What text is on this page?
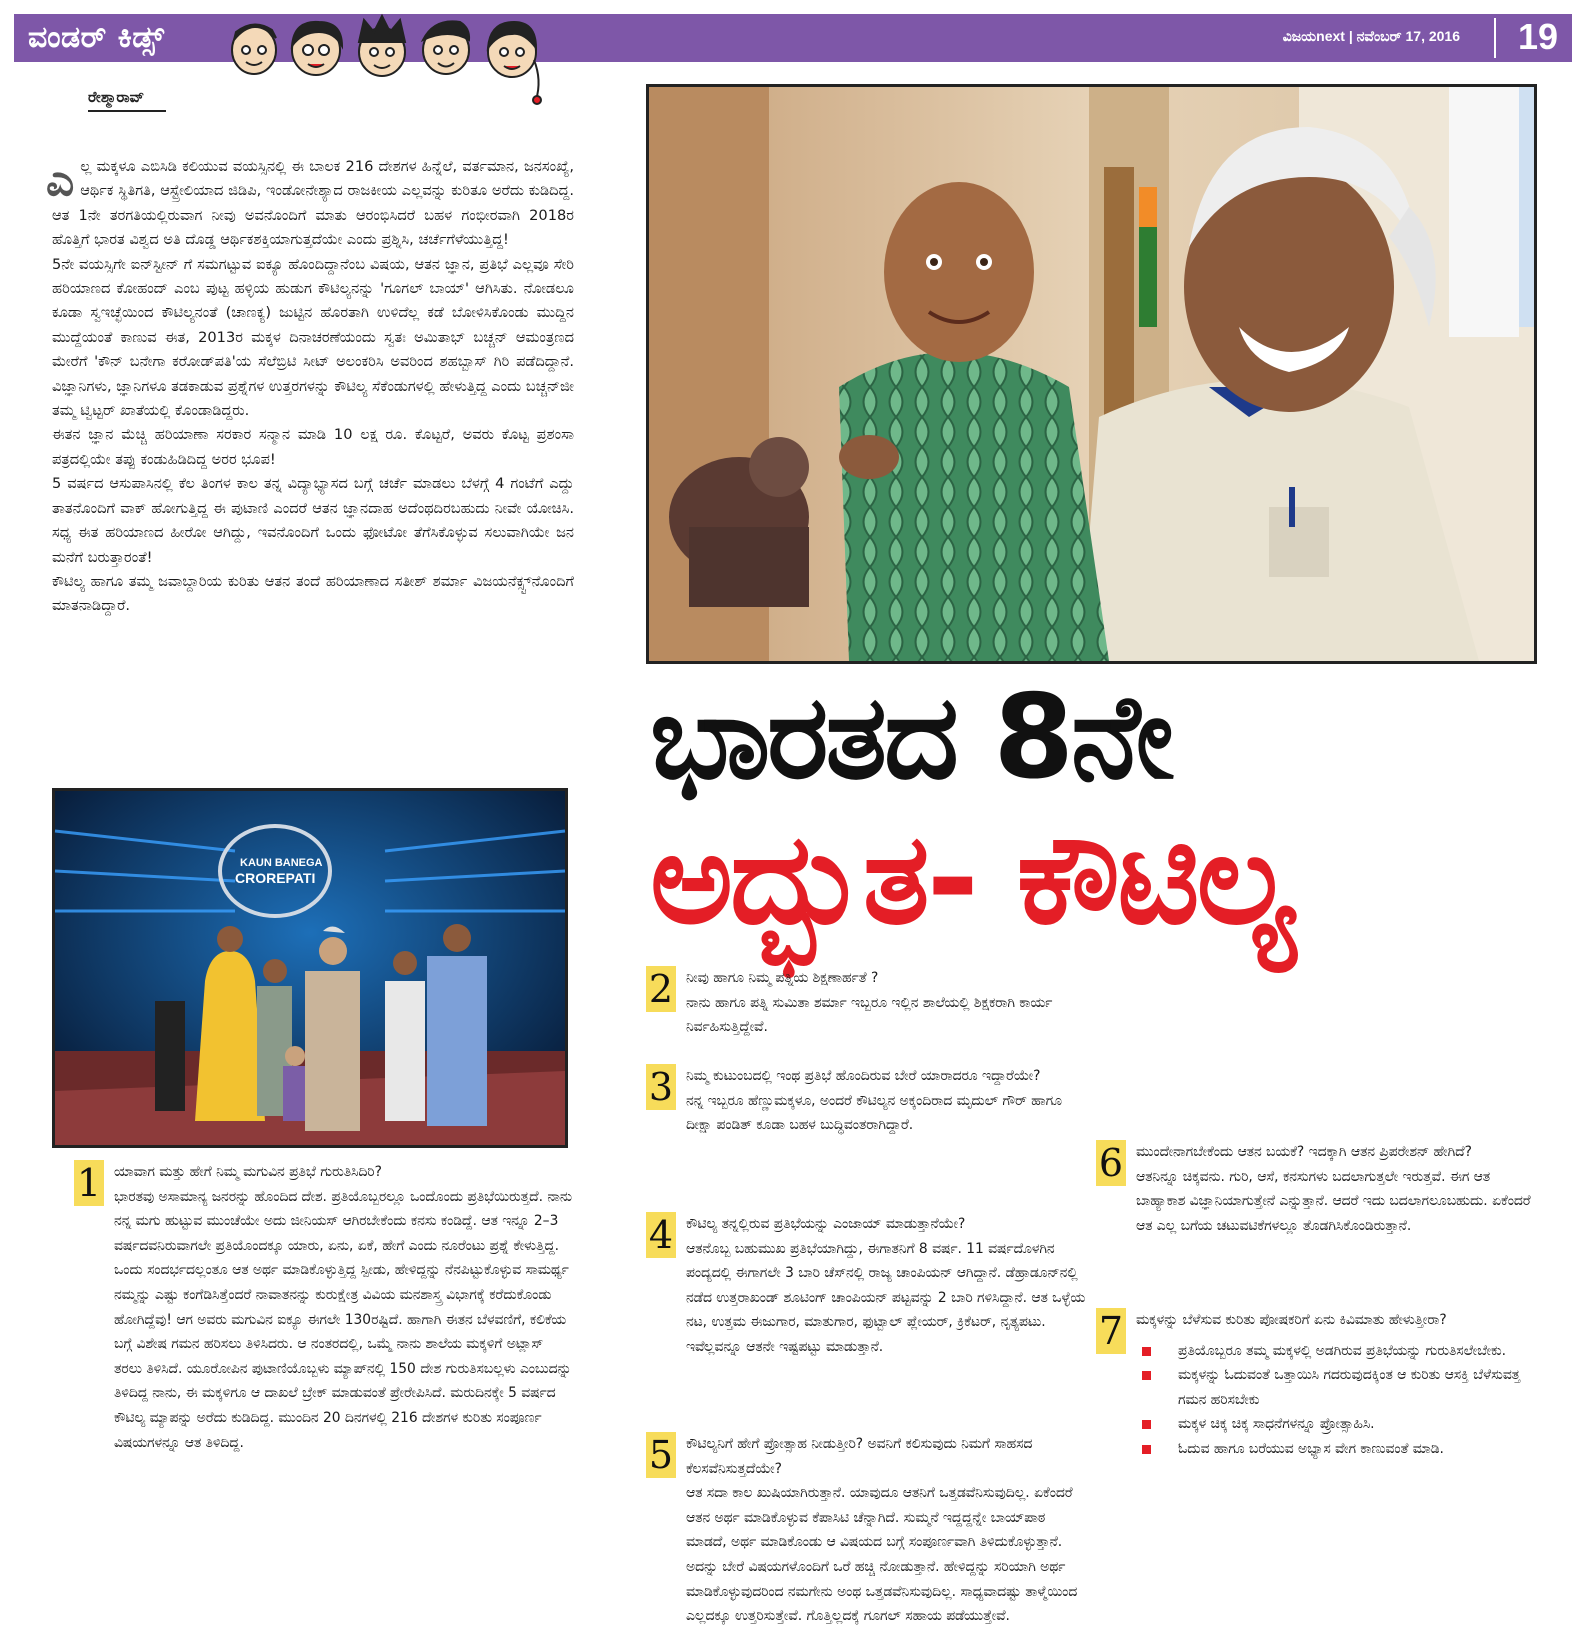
ವಂಡರ್ ಕಿಡ್ಸ್	ವಿಜಯnext | ನವೆಂಬರ್ 17, 2016 19
ರೇಶ್ಮಾರಾವ್
ಎ ಲ್ಲ ಮಕ್ಕಳೂ ಎಬಿಸಿಡಿ ಕಲಿಯುವ ವಯಸ್ಸಿನಲ್ಲಿ ಈ ಬಾಲಕ 216 ದೇಶಗಳ ಹಿನ್ನೆಲೆ, ವರ್ತಮಾನ, ಜನಸಂಖ್ಯೆ, ಆರ್ಥಿಕ ಸ್ಥಿತಿಗತಿ, ಆಸ್ಟ್ರೇಲಿಯಾದ ಜಿಡಿಪಿ, ಇಂಡೋನೇಶ್ಯಾದ ರಾಜಕೀಯ ಎಲ್ಲವನ್ನು ಕುರಿತೂ ಅರೆದು ಕುಡಿದಿದ್ದ. ಆತ 1ನೇ ತರಗತಿಯಲ್ಲಿರುವಾಗ ನೀವು ಅವನೊಂದಿಗೆ ಮಾತು ಆರಂಭಿಸಿದರೆ ಬಹಳ ಗಂಭೀರವಾಗಿ 2018ರ ಹೊತ್ತಿಗೆ ಭಾರತ ವಿಶ್ವದ ಅತಿ ದೊಡ್ಡ ಆರ್ಥಿಕಶಕ್ತಿಯಾಗುತ್ತದೆಯೇ ಎಂದು ಪ್ರಶ್ನಿಸಿ, ಚರ್ಚೆಗೆಳೆಯುತ್ತಿದ್ದ!

5ನೇ ವಯಸ್ಸಿಗೇ ಐನ್‌ಸ್ಟೀನ್ ಗೆ ಸಮಗಟ್ಟುವ ಐಕ್ಯೂ ಹೊಂದಿದ್ದಾನೆಂಬ ವಿಷಯ, ಆತನ ಜ್ಞಾನ, ಪ್ರತಿಭೆ ಎಲ್ಲವೂ ಸೇರಿ ಹರಿಯಾಣದ ಕೋಹಂದ್ ಎಂಬ ಪುಟ್ಟ ಹಳ್ಳಿಯ ಹುಡುಗ ಕೌಟಿಲ್ಯನನ್ನು 'ಗೂಗಲ್ ಬಾಯ್' ಆಗಿಸಿತು. ನೋಡಲೂ ಕೂಡಾ ಸ್ವಇಚ್ಛೆಯಿಂದ ಕೌಟಿಲ್ಯನಂತೆ (ಚಾಣಕ್ಯ) ಜುಟ್ಟಿನ ಹೊರತಾಗಿ ಉಳಿದೆಲ್ಲ ಕಡೆ ಬೋಳಿಸಿಕೊಂಡು ಮುದ್ದಿನ ಮುದ್ದೆಯಂತೆ ಕಾಣುವ ಈತ, 2013ರ ಮಕ್ಕಳ ದಿನಾಚರಣೆಯಂದು ಸ್ವತಃ ಅಮಿತಾಭ್ ಬಚ್ಚನ್ ಆಮಂತ್ರಣದ ಮೇರೆಗೆ 'ಕೌನ್ ಬನೇಗಾ ಕರೋಡ್‌ಪತಿ'ಯ ಸೆಲೆಬ್ರಿಟಿ ಸೀಟ್ ಅಲಂಕರಿಸಿ ಅವರಿಂದ ಶಹಬ್ಬಾಸ್ ಗಿರಿ ಪಡೆದಿದ್ದಾನೆ. ವಿಜ್ಞಾನಿಗಳು, ಜ್ಞಾನಿಗಳೂ ತಡಕಾಡುವ ಪ್ರಶ್ನೆಗಳ ಉತ್ತರಗಳನ್ನು ಕೌಟಿಲ್ಯ ಸೆಕೆಂಡುಗಳಲ್ಲಿ ಹೇಳುತ್ತಿದ್ದ ಎಂದು ಬಚ್ಚನ್‌ಜೀ ತಮ್ಮ ಟ್ವಿಟ್ಟರ್ ಖಾತೆಯಲ್ಲಿ ಕೊಂಡಾಡಿದ್ದರು.

ಈತನ ಜ್ಞಾನ ಮೆಚ್ಚಿ ಹರಿಯಾಣಾ ಸರಕಾರ ಸನ್ಮಾನ ಮಾಡಿ 10 ಲಕ್ಷ ರೂ. ಕೊಟ್ಟರೆ, ಅವರು ಕೊಟ್ಟ ಪ್ರಶಂಸಾ ಪತ್ರದಲ್ಲಿಯೇ ತಪ್ಪು ಕಂಡುಹಿಡಿದಿದ್ದ ಅರರ ಭೂಪ!

5 ವರ್ಷದ ಆಸುಪಾಸಿನಲ್ಲಿ ಕೆಲ ತಿಂಗಳ ಕಾಲ ತನ್ನ ವಿದ್ಯಾಭ್ಯಾಸದ ಬಗ್ಗೆ ಚರ್ಚೆ ಮಾಡಲು ಬೆಳಗ್ಗೆ 4 ಗಂಟೆಗೆ ಎದ್ದು ತಾತನೊಂದಿಗೆ ವಾಕ್ ಹೋಗುತ್ತಿದ್ದ ಈ ಪುಟಾಣಿ ಎಂದರೆ ಆತನ ಜ್ಞಾನದಾಹ ಅದೆಂಥದಿರಬಹುದು ನೀವೇ ಯೋಚಿಸಿ. ಸಧ್ಯ ಈತ ಹರಿಯಾಣದ ಹೀರೋ ಆಗಿದ್ದು, ಇವನೊಂದಿಗೆ ಒಂದು ಫೋಟೋ ತೆಗೆಸಿಕೊಳ್ಳುವ ಸಲುವಾಗಿಯೇ ಜನ ಮನೆಗೆ ಬರುತ್ತಾರಂತೆ!

ಕೌಟಿಲ್ಯ ಹಾಗೂ ತಮ್ಮ ಜವಾಬ್ದಾರಿಯ ಕುರಿತು ಆತನ ತಂದೆ ಹರಿಯಾಣಾದ ಸತೀಶ್ ಶರ್ಮಾ ವಿಜಯನೆಕ್ಸ್ಟ್‌ನೊಂದಿಗೆ ಮಾತನಾಡಿದ್ದಾರೆ.

KAUN BANEGA
CROREPATI
ಭಾರತದ 8ನೇ
ಅದ್ಭುತ- ಕೌಟಿಲ್ಯ
1 ಯಾವಾಗ ಮತ್ತು ಹೇಗೆ ನಿಮ್ಮ ಮಗುವಿನ ಪ್ರತಿಭೆ ಗುರುತಿಸಿದಿರಿ?

ಭಾರತವು ಅಸಾಮಾನ್ಯ ಜನರನ್ನು ಹೊಂದಿದ ದೇಶ. ಪ್ರತಿಯೊಬ್ಬರಲ್ಲೂ ಒಂದೊಂದು ಪ್ರತಿಭೆಯಿರುತ್ತದೆ. ನಾನು ನನ್ನ ಮಗು ಹುಟ್ಟುವ ಮುಂಚೆಯೇ ಅದು ಜೀನಿಯಸ್ ಆಗಿರಬೇಕೆಂದು ಕನಸು ಕಂಡಿದ್ದೆ. ಆತ ಇನ್ನೂ 2–3 ವರ್ಷದವನಿರುವಾಗಲೇ ಪ್ರತಿಯೊಂದಕ್ಕೂ ಯಾರು, ಏನು, ಏಕೆ, ಹೇಗೆ ಎಂದು ನೂರೆಂಟು ಪ್ರಶ್ನೆ ಕೇಳುತ್ತಿದ್ದ. ಒಂದು ಸಂದರ್ಭದಲ್ಲಂತೂ ಆತ ಅರ್ಥ ಮಾಡಿಕೊಳ್ಳುತ್ತಿದ್ದ ಸ್ಪೀಡು, ಹೇಳಿದ್ದನ್ನು ನೆನಪಿಟ್ಟುಕೊಳ್ಳುವ ಸಾಮರ್ಥ್ಯ ನಮ್ಮನ್ನು ಎಷ್ಟು ಕಂಗೆಡಿಸಿತ್ತೆಂದರೆ ನಾವಾತನನ್ನು ಕುರುಕ್ಷೇತ್ರ ವಿವಿಯ ಮನಶಾಸ್ತ್ರ ವಿಭಾಗಕ್ಕೆ ಕರೆದುಕೊಂಡು ಹೋಗಿದ್ದೆವು! ಆಗ ಅವರು ಮಗುವಿನ ಐಕ್ಯೂ ಈಗಲೇ 130ರಷ್ಟಿದೆ. ಹಾಗಾಗಿ ಈತನ ಬೆಳವಣಿಗೆ, ಕಲಿಕೆಯ ಬಗ್ಗೆ ವಿಶೇಷ ಗಮನ ಹರಿಸಲು ತಿಳಿಸಿದರು. ಆ ನಂತರದಲ್ಲಿ, ಒಮ್ಮೆ ನಾನು ಶಾಲೆಯ ಮಕ್ಕಳಿಗೆ ಅಟ್ಲಾಸ್ ತರಲು ತಿಳಿಸಿದೆ. ಯೂರೋಪಿನ ಪುಟಾಣಿಯೊಬ್ಬಳು ಮ್ಯಾಪ್‌ನಲ್ಲಿ 150 ದೇಶ ಗುರುತಿಸಬಲ್ಲಳು ಎಂಬುದನ್ನು ತಿಳಿದಿದ್ದ ನಾನು, ಈ ಮಕ್ಕಳಿಗೂ ಆ ದಾಖಲೆ ಬ್ರೇಕ್ ಮಾಡುವಂತೆ ಪ್ರೇರೇಪಿಸಿದೆ. ಮರುದಿನಕ್ಕೇ 5 ವರ್ಷದ ಕೌಟಿಲ್ಯ ಮ್ಯಾಪನ್ನು ಅರೆದು ಕುಡಿದಿದ್ದ. ಮುಂದಿನ 20 ದಿನಗಳಲ್ಲಿ 216 ದೇಶಗಳ ಕುರಿತು ಸಂಪೂರ್ಣ ವಿಷಯಗಳನ್ನೂ ಆತ ತಿಳಿದಿದ್ದ.

2 ನೀವು ಹಾಗೂ ನಿಮ್ಮ ಪತ್ನಿಯ ಶಿಕ್ಷಣಾರ್ಹತೆ ?

ನಾನು ಹಾಗೂ ಪತ್ನಿ ಸುಮಿತಾ ಶರ್ಮಾ ಇಬ್ಬರೂ ಇಲ್ಲಿನ ಶಾಲೆಯಲ್ಲಿ ಶಿಕ್ಷಕರಾಗಿ ಕಾರ್ಯ ನಿರ್ವಹಿಸುತ್ತಿದ್ದೇವೆ.

3 ನಿಮ್ಮ ಕುಟುಂಬದಲ್ಲಿ ಇಂಥ ಪ್ರತಿಭೆ ಹೊಂದಿರುವ ಬೇರೆ ಯಾರಾದರೂ ಇದ್ದಾರೆಯೇ?

ನನ್ನ ಇಬ್ಬರೂ ಹೆಣ್ಣುಮಕ್ಕಳೂ, ಅಂದರೆ ಕೌಟಿಲ್ಯನ ಅಕ್ಕಂದಿರಾದ ಮೃದುಲ್ ಗೌರ್ ಹಾಗೂ ದೀಕ್ಷಾ ಪಂಡಿತ್ ಕೂಡಾ ಬಹಳ ಬುದ್ಧಿವಂತರಾಗಿದ್ದಾರೆ.

4 ಕೌಟಿಲ್ಯ ತನ್ನಲ್ಲಿರುವ ಪ್ರತಿಭೆಯನ್ನು ಎಂಜಾಯ್ ಮಾಡುತ್ತಾನೆಯೇ?

ಆತನೊಬ್ಬ ಬಹುಮುಖ ಪ್ರತಿಭೆಯಾಗಿದ್ದು, ಈಗಾತನಿಗೆ 8 ವರ್ಷ. 11 ವರ್ಷದೊಳಗಿನ ಪಂದ್ಯದಲ್ಲಿ ಈಗಾಗಲೇ 3 ಬಾರಿ ಚೆಸ್‌ನಲ್ಲಿ ರಾಜ್ಯ ಚಾಂಪಿಯನ್ ಆಗಿದ್ದಾನೆ. ಡೆಹ್ರಾಡೂನ್‌ನಲ್ಲಿ ನಡೆದ ಉತ್ತರಾಖಂಡ್ ಶೂಟಿಂಗ್ ಚಾಂಪಿಯನ್ ಪಟ್ಟವನ್ನು 2 ಬಾರಿ ಗಳಿಸಿದ್ದಾನೆ. ಆತ ಒಳ್ಳೆಯ ನಟ, ಉತ್ತಮ ಈಜುಗಾರ, ಮಾತುಗಾರ, ಫುಟ್ಬಾಲ್ ಪ್ಲೇಯರ್, ಕ್ರಿಕೆಟರ್, ನೃತ್ಯಪಟು. ಇವೆಲ್ಲವನ್ನೂ ಆತನೇ ಇಷ್ಟಪಟ್ಟು ಮಾಡುತ್ತಾನೆ.

5 ಕೌಟಿಲ್ಯನಿಗೆ ಹೇಗೆ ಪ್ರೋತ್ಸಾಹ ನೀಡುತ್ತೀರಿ? ಅವನಿಗೆ ಕಲಿಸುವುದು ನಿಮಗೆ ಸಾಹಸದ ಕೆಲಸವೆನಿಸುತ್ತದೆಯೇ?

ಆತ ಸದಾ ಕಾಲ ಖುಷಿಯಾಗಿರುತ್ತಾನೆ. ಯಾವುದೂ ಆತನಿಗೆ ಒತ್ತಡವೆನಿಸುವುದಿಲ್ಲ. ಏಕೆಂದರೆ ಆತನ ಅರ್ಥ ಮಾಡಿಕೊಳ್ಳುವ ಕೆಪಾಸಿಟಿ ಚೆನ್ನಾಗಿದೆ. ಸುಮ್ಮನೆ ಇದ್ದದ್ದನ್ನೇ ಬಾಯ್‌ಪಾಠ ಮಾಡದೆ, ಅರ್ಥ ಮಾಡಿಕೊಂಡು ಆ ವಿಷಯದ ಬಗ್ಗೆ ಸಂಪೂರ್ಣವಾಗಿ ತಿಳಿದುಕೊಳ್ಳುತ್ತಾನೆ. ಅದನ್ನು ಬೇರೆ ವಿಷಯಗಳೊಂದಿಗೆ ಒರೆ ಹಚ್ಚಿ ನೋಡುತ್ತಾನೆ. ಹೇಳಿದ್ದನ್ನು ಸರಿಯಾಗಿ ಅರ್ಥ ಮಾಡಿಕೊಳ್ಳುವುದರಿಂದ ನಮಗೇನು ಅಂಥ ಒತ್ತಡವೆನಿಸುವುದಿಲ್ಲ. ಸಾಧ್ಯವಾದಷ್ಟು ತಾಳ್ಮೆಯಿಂದ ಎಲ್ಲದಕ್ಕೂ ಉತ್ತರಿಸುತ್ತೇವೆ. ಗೊತ್ತಿಲ್ಲದಕ್ಕೆ ಗೂಗಲ್ ಸಹಾಯ ಪಡೆಯುತ್ತೇವೆ.

6 ಮುಂದೇನಾಗಬೇಕೆಂದು ಆತನ ಬಯಕೆ? ಇದಕ್ಕಾಗಿ ಆತನ ಪ್ರಿಪರೇಶನ್ ಹೇಗಿದೆ?

ಆತನಿನ್ನೂ ಚಿಕ್ಕವನು. ಗುರಿ, ಆಸೆ, ಕನಸುಗಳು ಬದಲಾಗುತ್ತಲೇ ಇರುತ್ತವೆ. ಈಗ ಆತ ಬಾಹ್ಯಾಕಾಶ ವಿಜ್ಞಾನಿಯಾಗುತ್ತೇನೆ ಎನ್ನುತ್ತಾನೆ. ಆದರೆ ಇದು ಬದಲಾಗಲೂಬಹುದು. ಏಕೆಂದರೆ ಆತ ಎಲ್ಲ ಬಗೆಯ ಚಟುವಟಿಕೆಗಳಲ್ಲೂ ತೊಡಗಿಸಿಕೊಂಡಿರುತ್ತಾನೆ.

7 ಮಕ್ಕಳನ್ನು ಬೆಳೆಸುವ ಕುರಿತು ಪೋಷಕರಿಗೆ ಏನು ಕಿವಿಮಾತು ಹೇಳುತ್ತೀರಾ?

ಪ್ರತಿಯೊಬ್ಬರೂ ತಮ್ಮ ಮಕ್ಕಳಲ್ಲಿ ಅಡಗಿರುವ ಪ್ರತಿಭೆಯನ್ನು ಗುರುತಿಸಲೇಬೇಕು.
ಮಕ್ಕಳನ್ನು ಓದುವಂತೆ ಒತ್ತಾಯಿಸಿ ಗದರುವುದಕ್ಕಿಂತ ಆ ಕುರಿತು ಆಸಕ್ತಿ ಬೆಳೆಸುವತ್ತ ಗಮನ ಹರಿಸಬೇಕು
ಮಕ್ಕಳ ಚಿಕ್ಕ ಚಿಕ್ಕ ಸಾಧನೆಗಳನ್ನೂ ಪ್ರೋತ್ಸಾಹಿಸಿ.
ಓದುವ ಹಾಗೂ ಬರೆಯುವ ಅಭ್ಯಾಸ ವೇಗ ಕಾಣುವಂತೆ ಮಾಡಿ.
